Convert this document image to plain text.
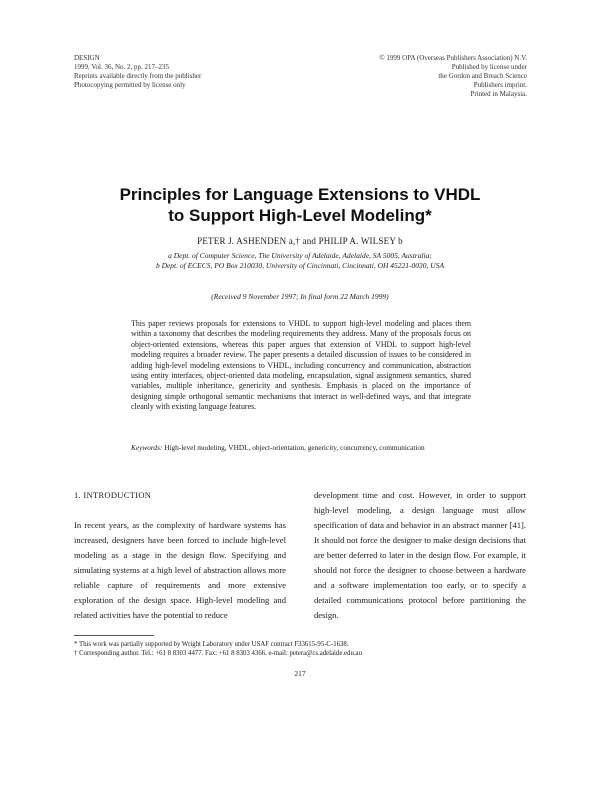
DESIGN
1999, Vol. 36, No. 2, pp. 217–235
Reprints available directly from the publisher
Photocopying permitted by license only
© 1999 OPA (Overseas Publishers Association) N.V.
Published by license under
the Gordon and Breach Science
Publishers imprint.
Printed in Malaysia.
Principles for Language Extensions to VHDL
to Support High-Level Modeling*
PETER J. ASHENDEN a,† and PHILIP A. WILSEY b
a Dept. of Computer Science, The University of Adelaide, Adelaide, SA 5005, Australia;
b Dept. of ECECS, PO Box 210030, University of Cincinnati, Cincinnati, OH 45221-0030, USA
(Received 9 November 1997; In final form 22 March 1999)

This paper reviews proposals for extensions to VHDL to support high-level modeling and places them within a taxonomy that describes the modeling requirements they address. Many of the proposals focus on object-oriented extensions, whereas this paper argues that extension of VHDL to support high-level modeling requires a broader review. The paper presents a detailed discussion of issues to be considered in adding high-level modeling extensions to VHDL, including concurrency and communication, abstraction using entity interfaces, object-oriented data modeling, encapsulation, signal assignment semantics, shared variables, multiple inheritance, genericity and synthesis. Emphasis is placed on the importance of designing simple orthogonal semantic mechanisms that interact in well-defined ways, and that integrate cleanly with existing language features.

Keywords: High-level modeling, VHDL, object-orientation, genericity, concurrency, communication

1. INTRODUCTION

In recent years, as the complexity of hardware systems has increased, designers have been forced to include high-level modeling as a stage in the design flow. Specifying and simulating systems at a high level of abstraction allows more reliable capture of requirements and more extensive exploration of the design space. High-level modeling and related activities have the potential to reduce

development time and cost. However, in order to support high-level modeling, a design language must allow specification of data and behavior in an abstract manner [41]. It should not force the designer to make design decisions that are better deferred to later in the design flow. For example, it should not force the designer to choose between a hardware and a software implementation too early, or to specify a detailed communications protocol before partitioning the design.

* This work was partially supported by Wright Laboratory under USAF contract F33615-95-C-1638.
† Corresponding author. Tel.: +61 8 8303 4477. Fax: +61 8 8303 4366. e-mail: petera@cs.adelaide.edu.au
217
